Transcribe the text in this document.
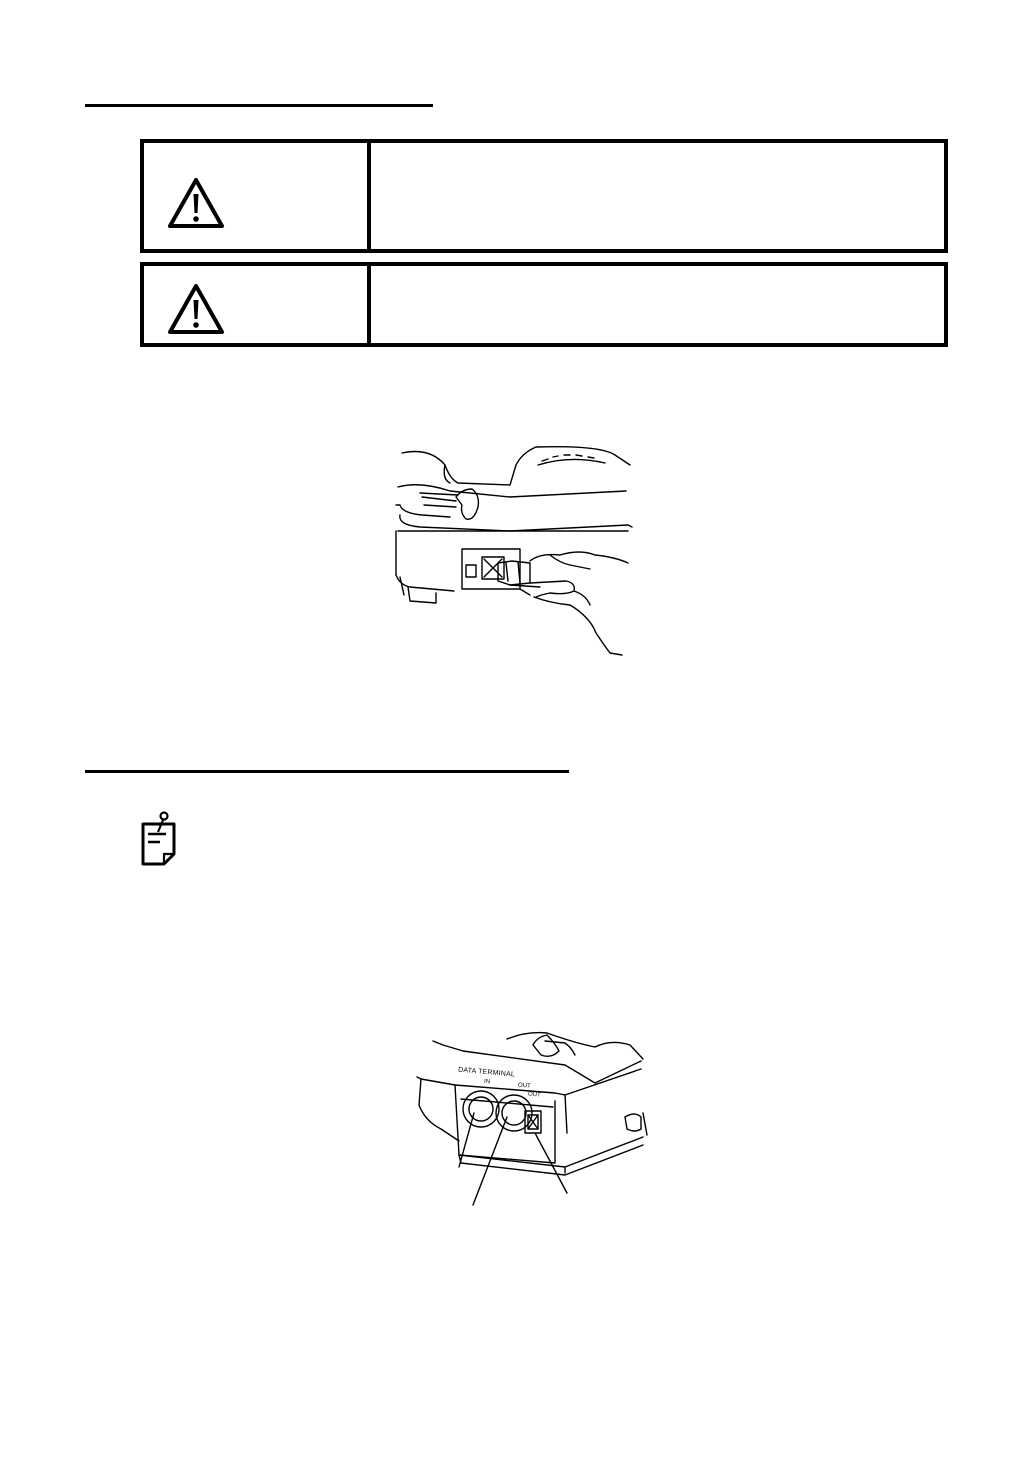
DATA TERMINAL
IN
OUT
OUT
